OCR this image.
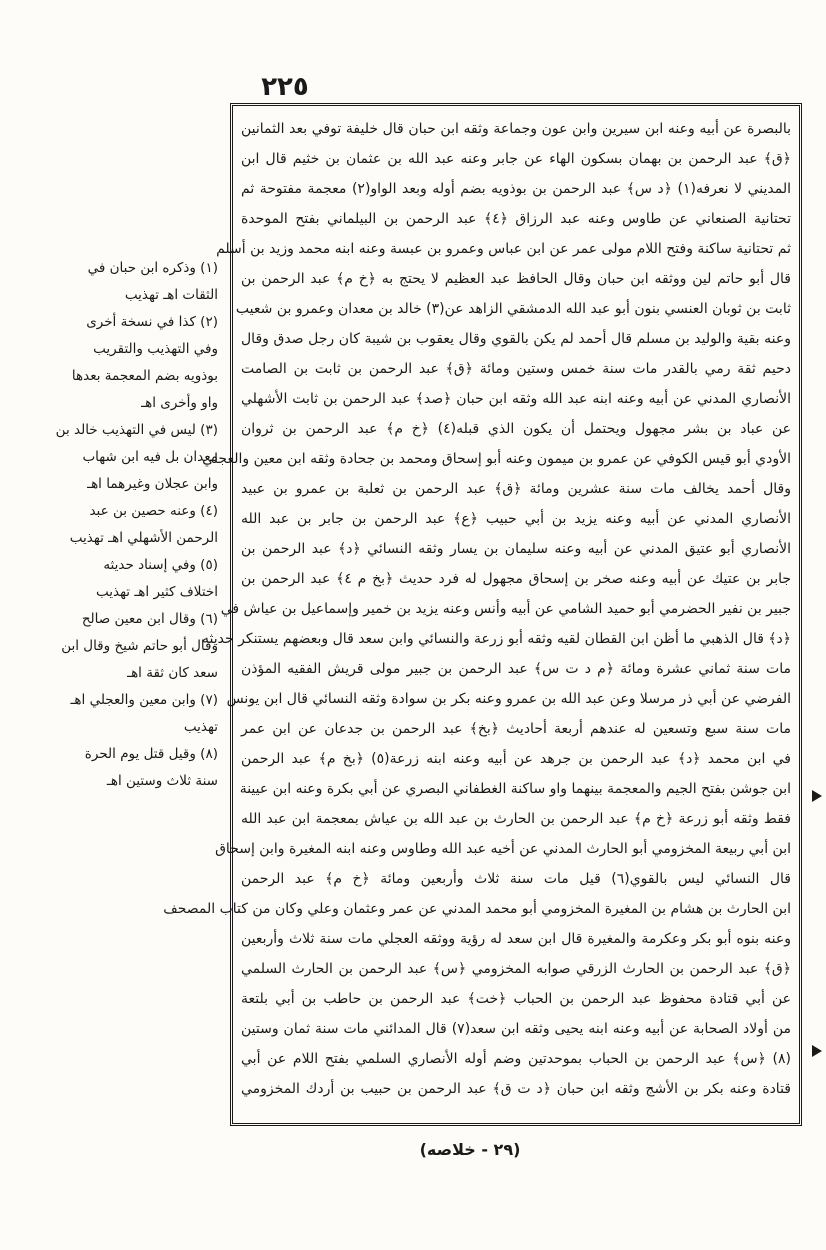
٢٢٥
بالبصرة عن أبيه وعنه ابن سيرين وابن عون وجماعة وثقه ابن حبان قال خليفة توفي بعد الثمانين
﴿ق﴾ عبد الرحمن بن بهمان بسكون الهاء عن جابر وعنه عبد الله بن عثمان بن خثيم قال ابن
المديني لا نعرفه(١) ﴿د س﴾ عبد الرحمن بن بوذويه بضم أوله وبعد الواو(٢) معجمة مفتوحة ثم
تحتانية الصنعاني عن طاوس وعنه عبد الرزاق ﴿٤﴾ عبد الرحمن بن البيلماني بفتح الموحدة
ثم تحتانية ساكنة وفتح اللام مولى عمر عن ابن عباس وعمرو بن عبسة وعنه ابنه محمد وزيد بن أسلم
قال أبو حاتم لين ووثقه ابن حبان وقال الحافظ عبد العظيم لا يحتج به ﴿خ م﴾ عبد الرحمن بن
ثابت بن ثوبان العنسي بنون أبو عبد الله الدمشقي الزاهد عن(٣) خالد بن معدان وعمرو بن شعيب
وعنه بقية والوليد بن مسلم قال أحمد لم يكن بالقوي وقال يعقوب بن شيبة كان رجل صدق وقال
دحيم ثقة رمي بالقدر مات سنة خمس وستين ومائة ﴿ق﴾ عبد الرحمن بن ثابت بن الصامت
الأنصاري المدني عن أبيه وعنه ابنه عبد الله وثقه ابن حبان ﴿صد﴾ عبد الرحمن بن ثابت الأشهلي
عن عباد بن بشر مجهول ويحتمل أن يكون الذي قبله(٤) ﴿خ م﴾ عبد الرحمن بن ثروان
الأودي أبو قيس الكوفي عن عمرو بن ميمون وعنه أبو إسحاق ومحمد بن جحادة وثقه ابن معين والعجلي
وقال أحمد يخالف مات سنة عشرين ومائة ﴿ق﴾ عبد الرحمن بن ثعلبة بن عمرو بن عبيد
الأنصاري المدني عن أبيه وعنه يزيد بن أبي حبيب ﴿ع﴾ عبد الرحمن بن جابر بن عبد الله
الأنصاري أبو عتيق المدني عن أبيه وعنه سليمان بن يسار وثقه النسائي ﴿د﴾ عبد الرحمن بن
جابر بن عتيك عن أبيه وعنه صخر بن إسحاق مجهول له فرد حديث ﴿بخ م ٤﴾ عبد الرحمن بن
جبير بن نفير الحضرمي أبو حميد الشامي عن أبيه وأنس وعنه يزيد بن خمير وإسماعيل بن عياش في
﴿د﴾ قال الذهبي ما أظن ابن القطان لقيه وثقه أبو زرعة والنسائي وابن سعد قال وبعضهم يستنكر حديثه
مات سنة ثماني عشرة ومائة ﴿م د ت س﴾ عبد الرحمن بن جبير مولى قريش الفقيه المؤذن
الفرضي عن أبي ذر مرسلا وعن عبد الله بن عمرو وعنه بكر بن سوادة وثقه النسائي قال ابن يونس
مات سنة سبع وتسعين له عندهم أربعة أحاديث ﴿بخ﴾ عبد الرحمن بن جدعان عن ابن عمر
في ابن محمد ﴿د﴾ عبد الرحمن بن جرهد عن أبيه وعنه ابنه زرعة(٥) ﴿بخ م﴾ عبد الرحمن
ابن جوشن بفتح الجيم والمعجمة بينهما واو ساكنة الغطفاني البصري عن أبي بكرة وعنه ابن عيينة
فقط وثقه أبو زرعة ﴿خ م﴾ عبد الرحمن بن الحارث بن عبد الله بن عياش بمعجمة ابن عبد الله
ابن أبي ربيعة المخزومي أبو الحارث المدني عن أخيه عبد الله وطاوس وعنه ابنه المغيرة وابن إسحاق
قال النسائي ليس بالقوي(٦) قيل مات سنة ثلاث وأربعين ومائة ﴿خ م﴾ عبد الرحمن
ابن الحارث بن هشام بن المغيرة المخزومي أبو محمد المدني عن عمر وعثمان وعلي وكان من كتاب المصحف
وعنه بنوه أبو بكر وعكرمة والمغيرة قال ابن سعد له رؤية ووثقه العجلي مات سنة ثلاث وأربعين
﴿ق﴾ عبد الرحمن بن الحارث الزرقي صوابه المخزومي ﴿س﴾ عبد الرحمن بن الحارث السلمي
عن أبي قتادة محفوظ عبد الرحمن بن الحباب ﴿خت﴾ عبد الرحمن بن حاطب بن أبي بلتعة
من أولاد الصحابة عن أبيه وعنه ابنه يحيى وثقه ابن سعد(٧) قال المدائني مات سنة ثمان وستين
(٨) ﴿س﴾ عبد الرحمن بن الحباب بموحدتين وضم أوله الأنصاري السلمي بفتح اللام عن أبي
قتادة وعنه بكر بن الأشج وثقه ابن حبان ﴿د ت ق﴾ عبد الرحمن بن حبيب بن أردك المخزومي
(١) وذكره ابن حبان في
الثقات اهـ تهذيب
(٢) كذا في نسخة أخرى
وفي التهذيب والتقريب
بوذويه بضم المعجمة بعدها
واو وأخرى اهـ
(٣) ليس في التهذيب خالد بن
معدان بل فيه ابن شهاب
وابن عجلان وغيرهما اهـ
(٤) وعنه حصين بن عبد
الرحمن الأشهلي اهـ تهذيب
(٥) وفي إسناد حديثه
اختلاف كثير اهـ تهذيب
(٦) وقال ابن معين صالح
وقال أبو حاتم شيخ وقال ابن
سعد كان ثقة اهـ
(٧) وابن معين والعجلي اهـ
تهذيب
(٨) وقيل قتل يوم الحرة
سنة ثلاث وستين اهـ
(٢٩ - خلاصه)
